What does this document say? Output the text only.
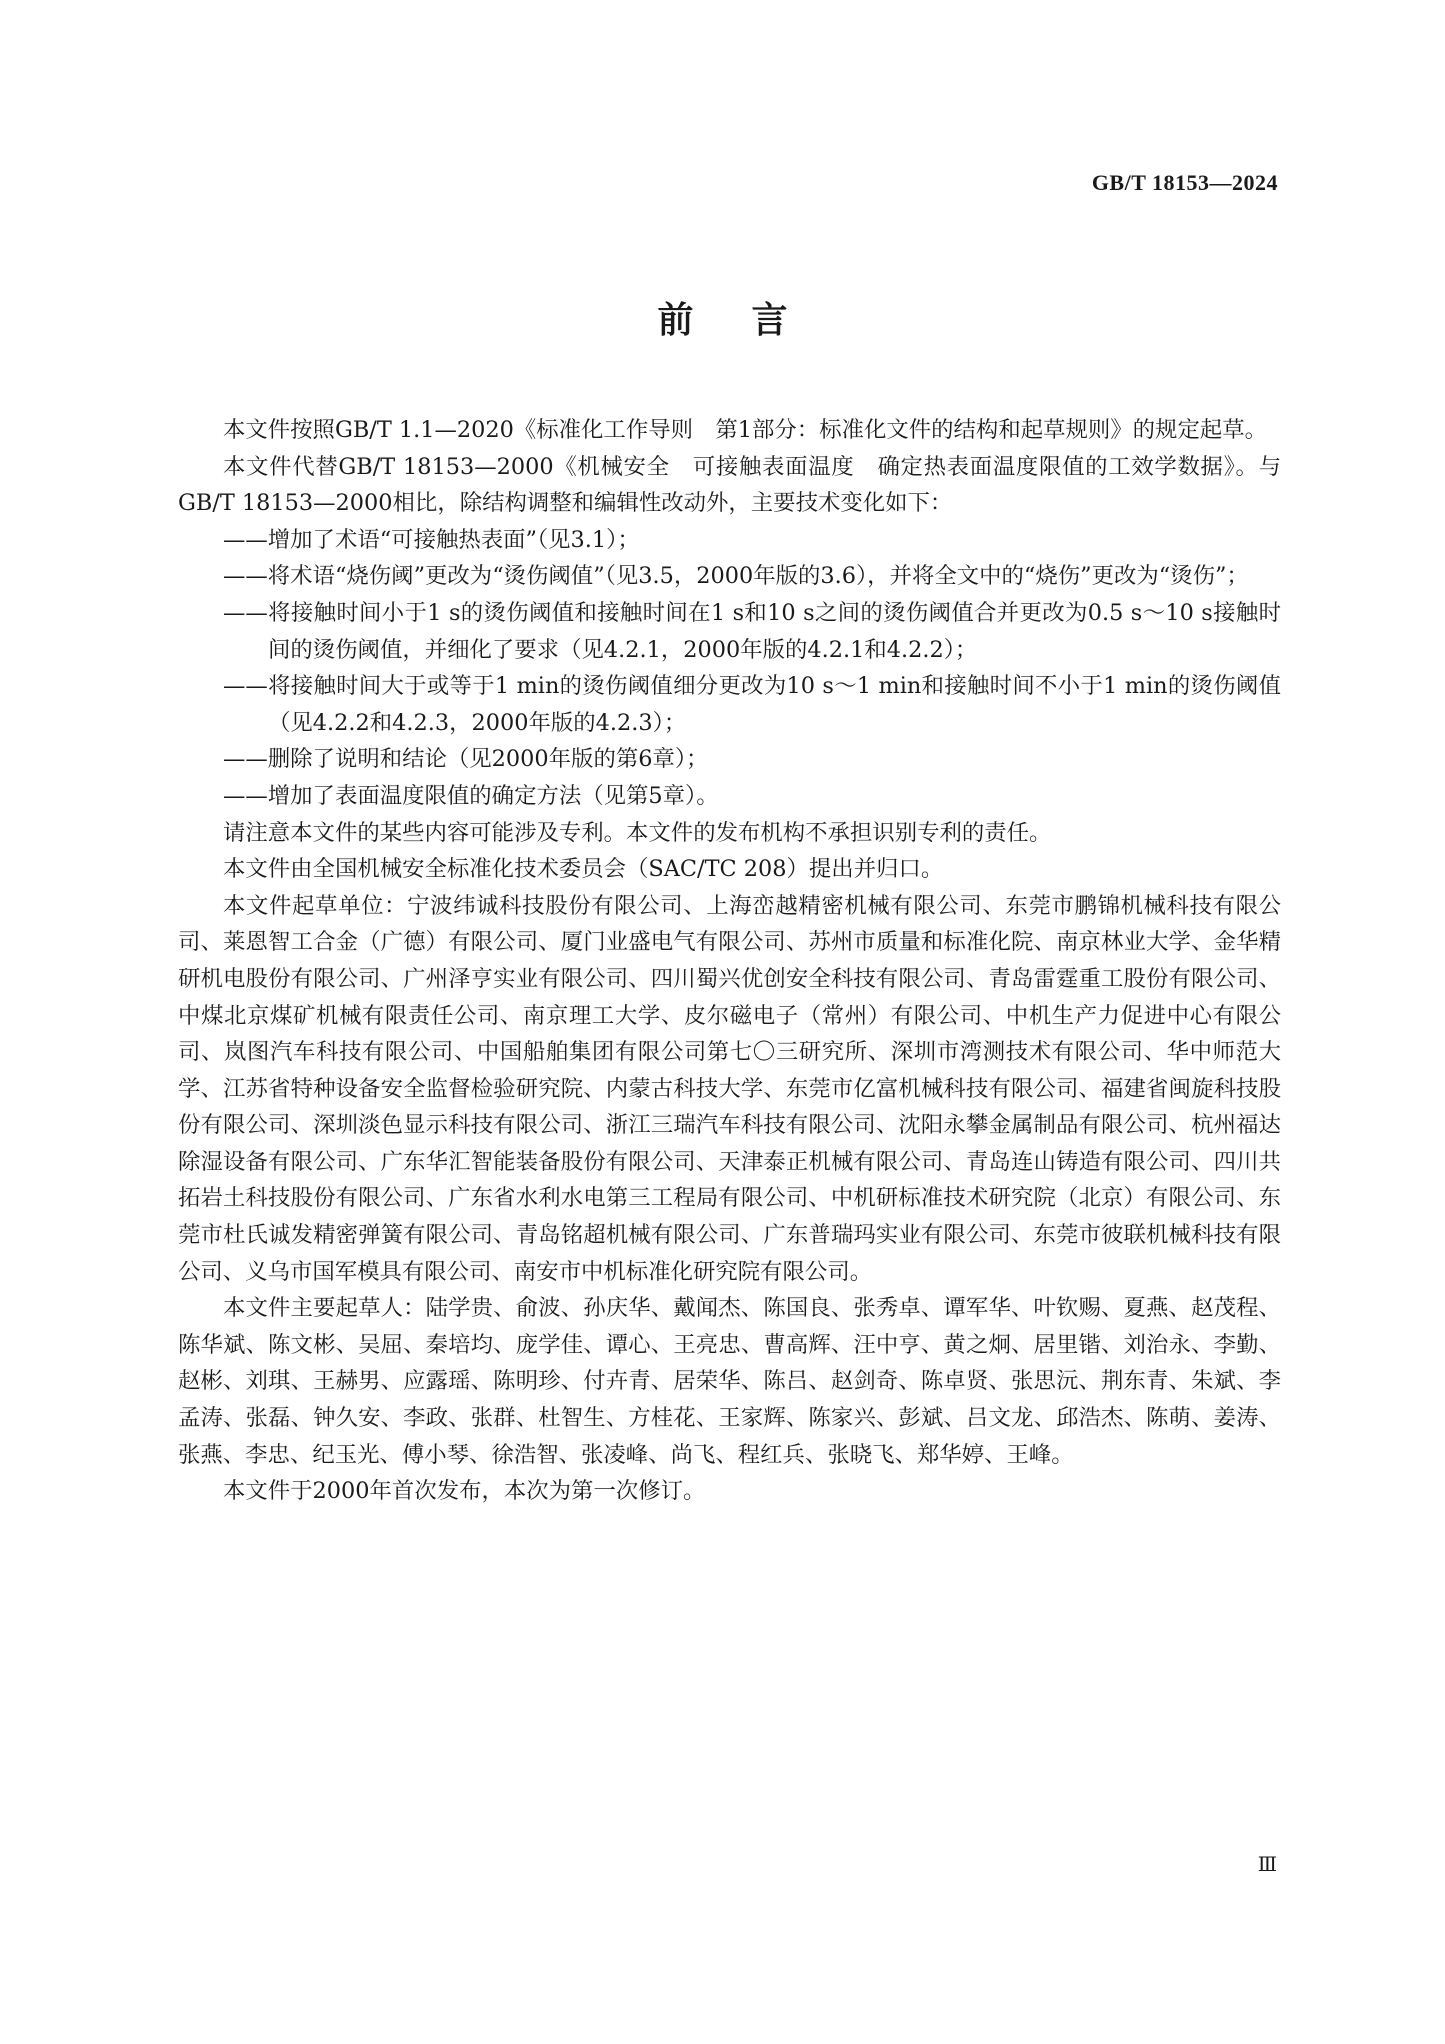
GB/T 18153—2024
前言

本文件按照GB/T 1.1—2020《标准化工作导则　第1部分：标准化文件的结构和起草规则》的规定起草。

本文件代替GB/T 18153—2000《机械安全　可接触表面温度　确定热表面温度限值的工效学数据》。与GB/T 18153—2000相比，除结构调整和编辑性改动外，主要技术变化如下：

——增加了术语“可接触热表面”（见3.1）；

——将术语“烧伤阈”更改为“烫伤阈值”（见3.5，2000年版的3.6），并将全文中的“烧伤”更改为“烫伤”；

——将接触时间小于1 s的烫伤阈值和接触时间在1 s和10 s之间的烫伤阈值合并更改为0.5 s～10 s接触时间的烫伤阈值，并细化了要求（见4.2.1，2000年版的4.2.1和4.2.2）；

——将接触时间大于或等于1 min的烫伤阈值细分更改为10 s～1 min和接触时间不小于1 min的烫伤阈值（见4.2.2和4.2.3，2000年版的4.2.3）；

——删除了说明和结论（见2000年版的第6章）；

——增加了表面温度限值的确定方法（见第5章）。

请注意本文件的某些内容可能涉及专利。本文件的发布机构不承担识别专利的责任。

本文件由全国机械安全标准化技术委员会（SAC/TC 208）提出并归口。

本文件起草单位：宁波纬诚科技股份有限公司、上海峦越精密机械有限公司、东莞市鹏锦机械科技有限公司、莱恩智工合金（广德）有限公司、厦门业盛电气有限公司、苏州市质量和标准化院、南京林业大学、金华精研机电股份有限公司、广州泽亨实业有限公司、四川蜀兴优创安全科技有限公司、青岛雷霆重工股份有限公司、中煤北京煤矿机械有限责任公司、南京理工大学、皮尔磁电子（常州）有限公司、中机生产力促进中心有限公司、岚图汽车科技有限公司、中国船舶集团有限公司第七〇三研究所、深圳市湾测技术有限公司、华中师范大学、江苏省特种设备安全监督检验研究院、内蒙古科技大学、东莞市亿富机械科技有限公司、福建省闽旋科技股份有限公司、深圳淡色显示科技有限公司、浙江三瑞汽车科技有限公司、沈阳永攀金属制品有限公司、杭州福达除湿设备有限公司、广东华汇智能装备股份有限公司、天津泰正机械有限公司、青岛连山铸造有限公司、四川共拓岩土科技股份有限公司、广东省水利水电第三工程局有限公司、中机研标准技术研究院（北京）有限公司、东莞市杜氏诚发精密弹簧有限公司、青岛铭超机械有限公司、广东普瑞玛实业有限公司、东莞市彼联机械科技有限公司、义乌市国军模具有限公司、南安市中机标准化研究院有限公司。

本文件主要起草人：陆学贵、俞波、孙庆华、戴闻杰、陈国良、张秀卓、谭军华、叶钦赐、夏燕、赵茂程、陈华斌、陈文彬、吴屈、秦培均、庞学佳、谭心、王亮忠、曹高辉、汪中亨、黄之炯、居里锴、刘治永、李勤、赵彬、刘琪、王赫男、应露瑶、陈明珍、付卉青、居荣华、陈吕、赵剑奇、陈卓贤、张思沅、荆东青、朱斌、李孟涛、张磊、钟久安、李政、张群、杜智生、方桂花、王家辉、陈家兴、彭斌、吕文龙、邱浩杰、陈萌、姜涛、张燕、李忠、纪玉光、傅小琴、徐浩智、张凌峰、尚飞、程红兵、张晓飞、郑华婷、王峰。

本文件于2000年首次发布，本次为第一次修订。

Ⅲ
